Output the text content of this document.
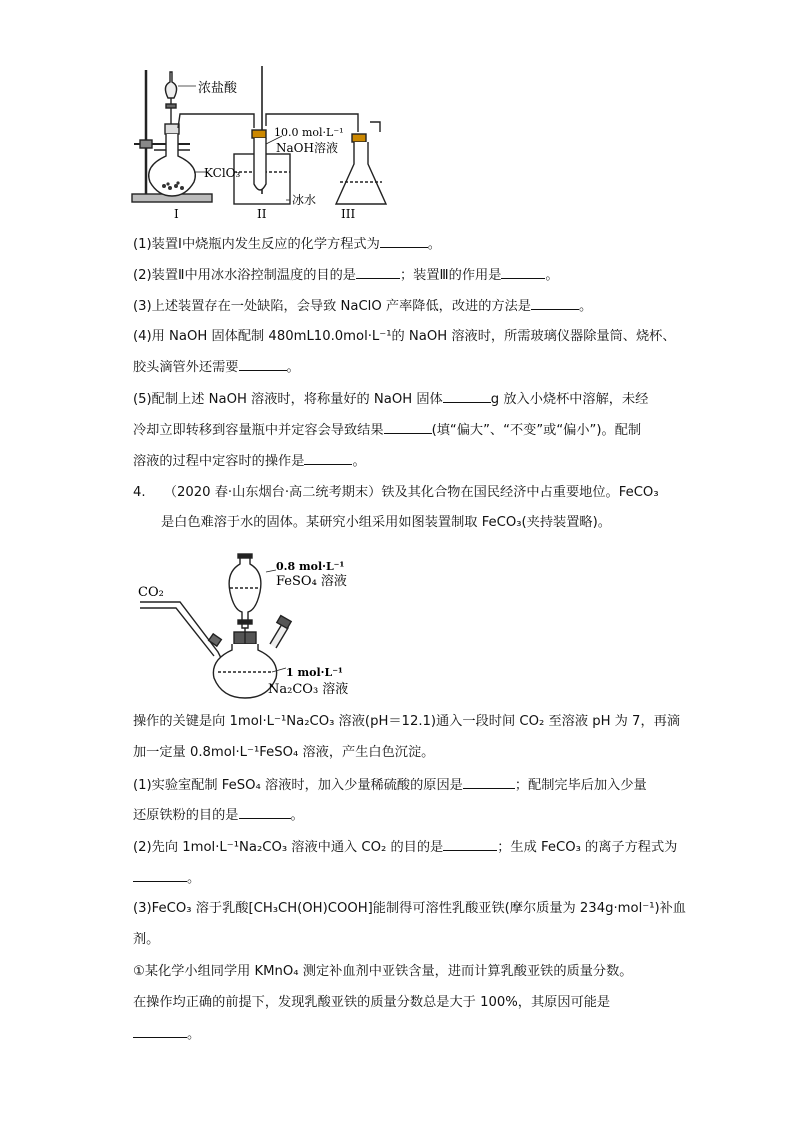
浓盐酸
10.0 mol·L⁻¹
NaOH溶液
KClO₃
冰水
I	II	III
(1)装置Ⅰ中烧瓶内发生反应的化学方程式为	。
(2)装置Ⅱ中用冰水浴控制温度的目的是	；装置Ⅲ的作用是	。
(3)上述装置存在一处缺陷，会导致 NaClO 产率降低，改进的方法是	。
(4)用 NaOH 固体配制 480mL10.0mol·L⁻¹的 NaOH 溶液时，所需玻璃仪器除量筒、烧杯、
胶头滴管外还需要	。
(5)配制上述 NaOH 溶液时，将称量好的 NaOH 固体	g 放入小烧杯中溶解，未经
冷却立即转移到容量瓶中并定容会导致结果	(填“偏大”、“不变”或“偏小”)。配制
溶液的过程中定容时的操作是	。
4. （2020 春·山东烟台·高二统考期末）铁及其化合物在国民经济中占重要地位。FeCO₃
是白色难溶于水的固体。某研究小组采用如图装置制取 FeCO₃(夹持装置略)。
CO₂
0.8 mol·L⁻¹
FeSO₄ 溶液
1 mol·L⁻¹
Na₂CO₃ 溶液
操作的关键是向 1mol·L⁻¹Na₂CO₃ 溶液(pH＝12.1)通入一段时间 CO₂ 至溶液 pH 为 7，再滴
加一定量 0.8mol·L⁻¹FeSO₄ 溶液，产生白色沉淀。
(1)实验室配制 FeSO₄ 溶液时，加入少量稀硫酸的原因是	；配制完毕后加入少量
还原铁粉的目的是	。
(2)先向 1mol·L⁻¹Na₂CO₃ 溶液中通入 CO₂ 的目的是	；生成 FeCO₃ 的离子方程式为
。
(3)FeCO₃ 溶于乳酸[CH₃CH(OH)COOH]能制得可溶性乳酸亚铁(摩尔质量为 234g·mol⁻¹)补血
剂。
①某化学小组同学用 KMnO₄ 测定补血剂中亚铁含量，进而计算乳酸亚铁的质量分数。
在操作均正确的前提下，发现乳酸亚铁的质量分数总是大于 100%，其原因可能是
。
